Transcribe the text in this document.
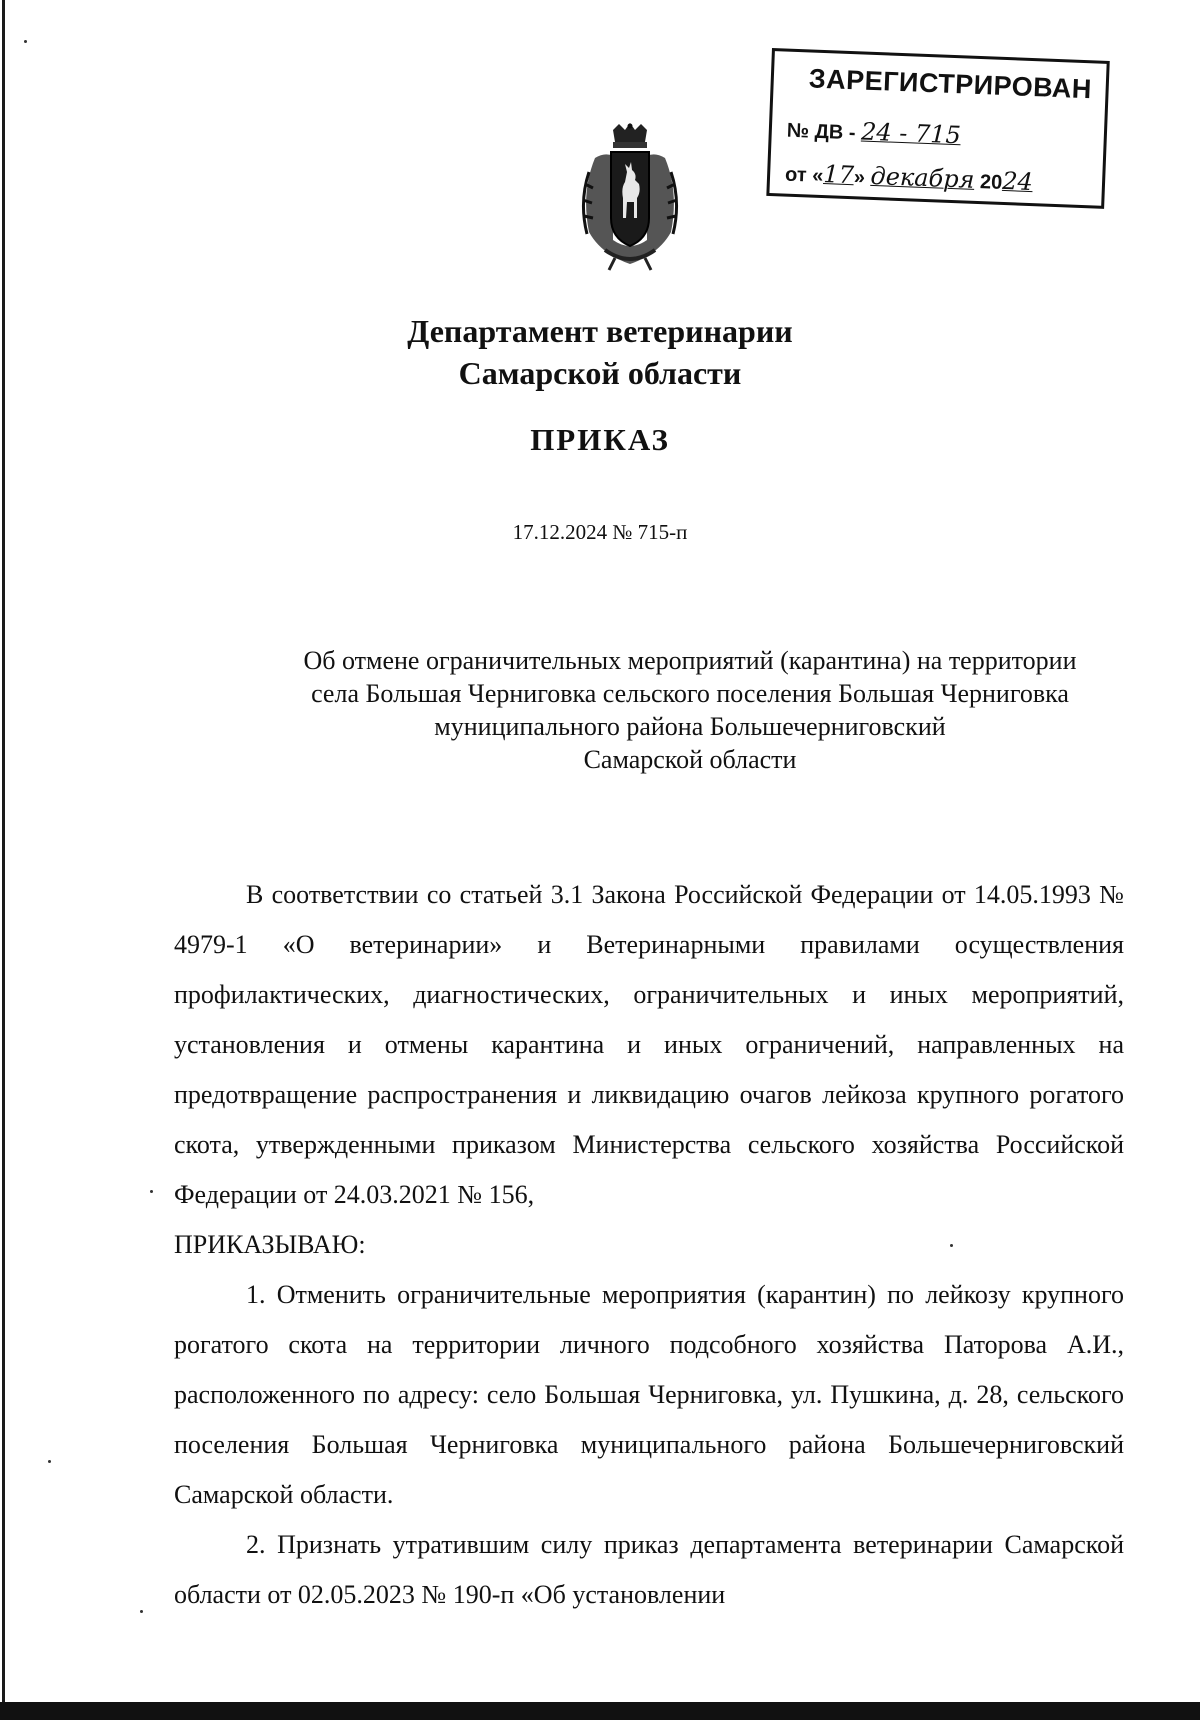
ЗАРЕГИСТРИРОВАН
№ ДВ - 24 - 715
от «17» декабря 2024
Департамент ветеринарии
Самарской области
ПРИКАЗ
17.12.2024 № 715-п
Об отмене ограничительных мероприятий (карантина) на территории
села Большая Черниговка сельского поселения Большая Черниговка
муниципального района Большечерниговский
Самарской области

В соответствии со статьей 3.1 Закона Российской Федерации от 14.05.1993 № 4979-1 «О ветеринарии» и Ветеринарными правилами осуществления профилактических, диагностических, ограничительных и иных мероприятий, установления и отмены карантина и иных ограничений, направленных на предотвращение распространения и ликвидацию очагов лейкоза крупного рогатого скота, утвержденными приказом Министерства сельского хозяйства Российской Федерации от 24.03.2021 № 156,

ПРИКАЗЫВАЮ:

1. Отменить ограничительные мероприятия (карантин) по лейкозу крупного рогатого скота на территории личного подсобного хозяйства Паторова А.И., расположенного по адресу: село Большая Черниговка, ул. Пушкина, д. 28, сельского поселения Большая Черниговка муниципального района Большечерниговский Самарской области.

2. Признать утратившим силу приказ департамента ветеринарии Самарской области от 02.05.2023 № 190-п «Об установлении
